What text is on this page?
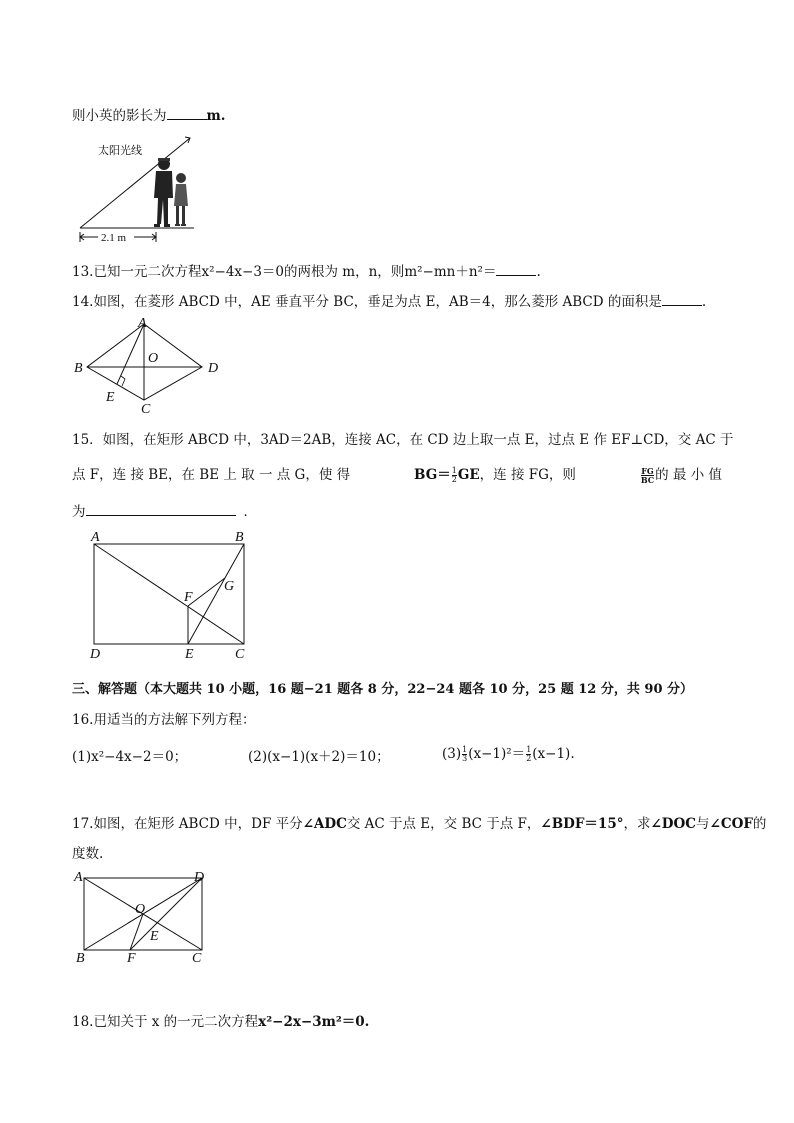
则小英的影长为	m.
太阳光线
2.1 m
13.已知一元二次方程x²−4x−3＝0的两根为 m，n，则m²−mn＋n²＝	.
14.如图，在菱形 ABCD 中，AE 垂直平分 BC，垂足为点 E，AB＝4，那么菱形 ABCD 的面积是	.
A
B
C
D
O
E
15．如图，在矩形 ABCD 中，3AD＝2AB，连接 AC，在 CD 边上取一点 E，过点 E 作 EF⊥CD，交 AC 于
点 F，连 接 BE，在 BE 上 取 一 点 G，使 得	$BG= \frac{1}{2}$ GE，连 接 FG，则	$\frac{FG}{BC}$ 的 最 小 值
为	．
A	B
D	C
E
F
G
三、解答题（本大题共 10 小题，16 题−21 题各 8 分，22−24 题各 10 分，25 题 12 分，共 90 分）
16.用适当的方法解下列方程：
(1)x²−4x−2＝0；	(2)(x−1)(x＋2)＝10；	$(3) \frac{1}{3} (x-1)^2= \frac{1}{2} (x-1)$.
17.如图，在矩形 ABCD 中，DF 平分∠ADC交 AC 于点 E，交 BC 于点 F，∠BDF＝15°，求∠DOC与∠COF的
度数.
A	D
B	C
O
E
F
18.已知关于 x 的一元二次方程x²−2x−3m²＝0.
